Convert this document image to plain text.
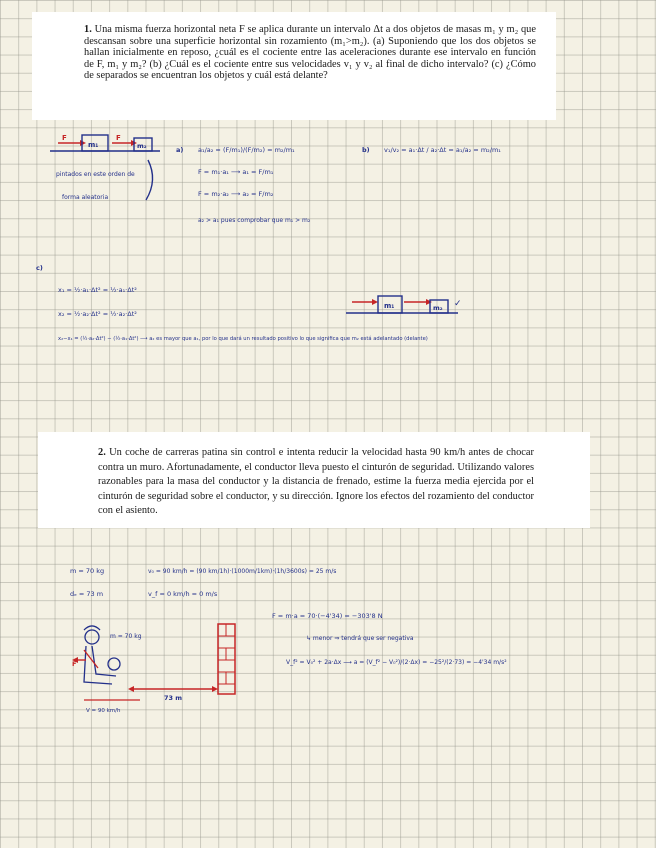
1. Una misma fuerza horizontal neta F se aplica durante un intervalo Δt a dos objetos de masas m₁ y m₂ que descansan sobre una superficie horizontal sin rozamiento (m₁>m₂). (a) Suponiendo que los dos objetos se hallan inicialmente en reposo, ¿cuál es el cociente entre las aceleraciones durante ese intervalo en función de F, m₁ y m₂? (b) ¿Cuál es el cociente entre sus velocidades v₁ y v₂ al final de dicho intervalo? (c) ¿Cómo de separados se encuentran los objetos y cuál está delante?
2. Un coche de carreras patina sin control e intenta reducir la velocidad hasta 90 km/h antes de chocar contra un muro. Afortunadamente, el conductor lleva puesto el cinturón de seguridad. Utilizando valores razonables para la masa del conductor y la distancia de frenado, estime la fuerza media ejercida por el cinturón de seguridad sobre el conductor, y su dirección. Ignore los efectos del rozamiento del conductor con el asiento.
F
m₁
F
m₂
pintados en este orden de
forma aleatoria
a) a₁/a₂ = (F/m₁)/(F/m₂) = m₂/m₁
F = m₁·a₁ ⟶ a₁ = F/m₁
F = m₂·a₂ ⟶ a₂ = F/m₂
a₂ > a₁ pues comprobar que m₁ > m₂
b) v₁/v₂ = a₁·Δt / a₂·Δt = a₁/a₂ = m₂/m₁
c)
x₁ = ½·a₁·Δt² = ½·a₁·Δt²
x₂ = ½·a₂·Δt² = ½·a₂·Δt²
x₂−x₁ = (½·a₂·Δt²) − (½·a₁·Δt²) ⟶ a₂ es mayor que a₁, por lo que dará un resultado positivo lo que significa que m₂ está adelantado (delante)
m₁	m₂ ✓
m = 70 kg
dₑ = 73 m
v₀ = 90 km/h = (90 km/1h)·(1000m/1km)·(1h/3600s) = 25 m/s
v_f = 0 km/h = 0 m/s
F = m·a = 70·(−4'34) = −303'8 N
↳ menor ⇒ tendrá que ser negativa
V_f² = V₀² + 2a·Δx ⟶ a = (V_f² − V₀²)/(2·Δx) = −25²/(2·73) = −4'34 m/s²
F
m = 70 kg
V = 90 km/h
73 m
